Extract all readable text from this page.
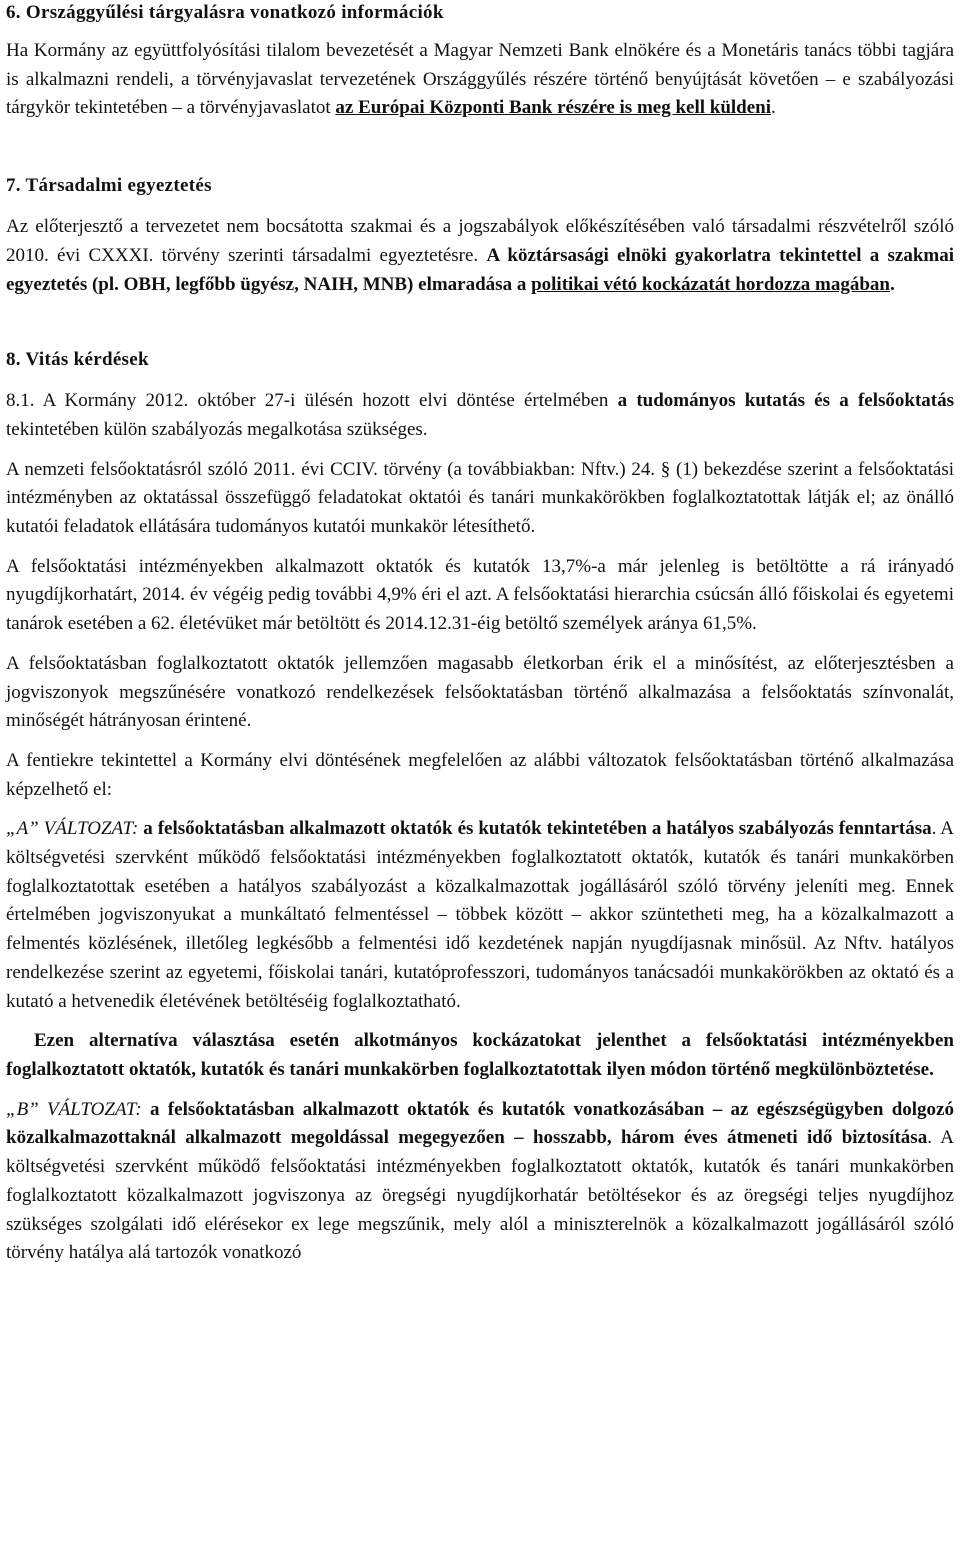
6. Országgyűlési tárgyalásra vonatkozó információk

Ha Kormány az együttfolyósítási tilalom bevezetését a Magyar Nemzeti Bank elnökére és a Monetáris tanács többi tagjára is alkalmazni rendeli, a törvényjavaslat tervezetének Országgyűlés részére történő benyújtását követően – e szabályozási tárgykör tekintetében – a törvényjavaslatot az Európai Központi Bank részére is meg kell küldeni.

7. Társadalmi egyeztetés

Az előterjesztő a tervezetet nem bocsátotta szakmai és a jogszabályok előkészítésében való társadalmi részvételről szóló 2010. évi CXXXI. törvény szerinti társadalmi egyeztetésre. A köztársasági elnöki gyakorlatra tekintettel a szakmai egyeztetés (pl. OBH, legfőbb ügyész, NAIH, MNB) elmaradása a politikai vétó kockázatát hordozza magában.

8. Vitás kérdések

8.1. A Kormány 2012. október 27-i ülésén hozott elvi döntése értelmében a tudományos kutatás és a felsőoktatás tekintetében külön szabályozás megalkotása szükséges.

A nemzeti felsőoktatásról szóló 2011. évi CCIV. törvény (a továbbiakban: Nftv.) 24. § (1) bekezdése szerint a felsőoktatási intézményben az oktatással összefüggő feladatokat oktatói és tanári munkakörökben foglalkoztatottak látják el; az önálló kutatói feladatok ellátására tudományos kutatói munkakör létesíthető.

A felsőoktatási intézményekben alkalmazott oktatók és kutatók 13,7%-a már jelenleg is betöltötte a rá irányadó nyugdíjkorhatárt, 2014. év végéig pedig további 4,9% éri el azt. A felsőoktatási hierarchia csúcsán álló főiskolai és egyetemi tanárok esetében a 62. életévüket már betöltött és 2014.12.31-éig betöltő személyek aránya 61,5%.

A felsőoktatásban foglalkoztatott oktatók jellemzően magasabb életkorban érik el a minősítést, az előterjesztésben a jogviszonyok megszűnésére vonatkozó rendelkezések felsőoktatásban történő alkalmazása a felsőoktatás színvonalát, minőségét hátrányosan érintené.

A fentiekre tekintettel a Kormány elvi döntésének megfelelően az alábbi változatok felsőoktatásban történő alkalmazása képzelhető el:

„A” VÁLTOZAT: a felsőoktatásban alkalmazott oktatók és kutatók tekintetében a hatályos szabályozás fenntartása. A költségvetési szervként működő felsőoktatási intézményekben foglalkoztatott oktatók, kutatók és tanári munkakörben foglalkoztatottak esetében a hatályos szabályozást a közalkalmazottak jogállásáról szóló törvény jeleníti meg. Ennek értelmében jogviszonyukat a munkáltató felmentéssel – többek között – akkor szüntetheti meg, ha a közalkalmazott a felmentés közlésének, illetőleg legkésőbb a felmentési idő kezdetének napján nyugdíjasnak minősül. Az Nftv. hatályos rendelkezése szerint az egyetemi, főiskolai tanári, kutatóprofesszori, tudományos tanácsadói munkakörökben az oktató és a kutató a hetvenedik életévének betöltéséig foglalkoztatható.

Ezen alternatíva választása esetén alkotmányos kockázatokat jelenthet a felsőoktatási intézményekben foglalkoztatott oktatók, kutatók és tanári munkakörben foglalkoztatottak ilyen módon történő megkülönböztetése.

„B” VÁLTOZAT: a felsőoktatásban alkalmazott oktatók és kutatók vonatkozásában – az egészségügyben dolgozó közalkalmazottaknál alkalmazott megoldással megegyezően – hosszabb, három éves átmeneti idő biztosítása. A költségvetési szervként működő felsőoktatási intézményekben foglalkoztatott oktatók, kutatók és tanári munkakörben foglalkoztatott közalkalmazott jogviszonya az öregségi nyugdíjkorhatár betöltésekor és az öregségi teljes nyugdíjhoz szükséges szolgálati idő elérésekor ex lege megszűnik, mely alól a miniszterelnök a közalkalmazott jogállásáról szóló törvény hatálya alá tartozók vonatkozó
